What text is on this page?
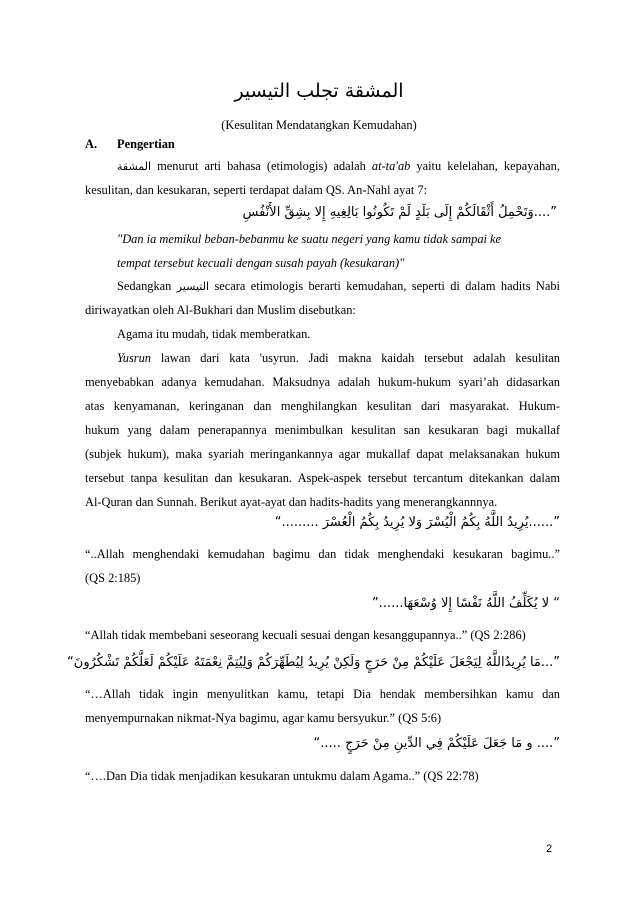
المشقة تجلب التيسير
(Kesulitan Mendatangkan Kemudahan)
A. Pengertian
المشقة menurut arti bahasa (etimologis) adalah at-ta'ab yaitu kelelahan, kepayahan,
kesulitan, dan kesukaran, seperti terdapat dalam QS. An-Nahl ayat 7:
”....وَتَحْمِلُ أَثْقَالَكُمْ إِلَى بَلَدٍ لَمْ تَكُونُوا بَالِغِيهِ إِلا بِشِقِّ الأَنْفُسِ
"Dan ia memikul beban-bebanmu ke suatu negeri yang kamu tidak sampai ke
tempat tersebut kecuali dengan susah payah (kesukaran)"
Sedangkan التيسير secara etimologis berarti kemudahan, seperti di dalam hadits Nabi
diriwayatkan oleh Al-Bukhari dan Muslim disebutkan:
Agama itu mudah, tidak memberatkan.
Yusrun lawan dari kata 'usyrun. Jadi makna kaidah tersebut adalah kesulitan
menyebabkan adanya kemudahan. Maksudnya adalah hukum-hukum syari’ah didasarkan
atas kenyamanan, keringanan dan menghilangkan kesulitan dari masyarakat. Hukum-
hukum yang dalam penerapannya menimbulkan kesulitan san kesukaran bagi mukallaf
(subjek hukum), maka syariah meringankannya agar mukallaf dapat melaksanakan hukum
tersebut tanpa kesulitan dan kesukaran. Aspek-aspek tersebut tercantum ditekankan dalam
Al-Quran dan Sunnah. Berikut ayat-ayat dan hadits-hadits yang menerangkannnya.
”......يُرِيدُ اللَّهُ بِكُمُ الْيُسْرَ وَلا يُرِيدُ بِكُمُ الْعُسْرَ .........“
“..Allah menghendaki kemudahan bagimu dan tidak menghendaki kesukaran bagimu..”
(QS 2:185)
“ لا يُكَلِّفُ اللَّهُ نَفْسًا إِلا وُسْعَهَا......”
“Allah tidak membebani seseorang kecuali sesuai dengan kesanggupannya..” (QS 2:286)
”...مَا يُرِيدُاللَّهُ لِيَجْعَلَ عَلَيْكُمْ مِنْ حَرَجٍ وَلَكِنْ يُرِيدُ لِيُطَهِّرَكُمْ وَلِيُتِمَّ نِعْمَتَهُ عَلَيْكُمْ لَعَلَّكُمْ تَشْكُرُونَ“
“…Allah tidak ingin menyulitkan kamu, tetapi Dia hendak membersihkan kamu dan
menyempurnakan nikmat-Nya bagimu, agar kamu bersyukur.” (QS 5:6)
”.... و مَا جَعَلَ عَلَيْكُمْ فِي الدِّينِ مِنْ حَرَجٍ .....“
“….Dan Dia tidak menjadikan kesukaran untukmu dalam Agama..” (QS 22:78)
2
